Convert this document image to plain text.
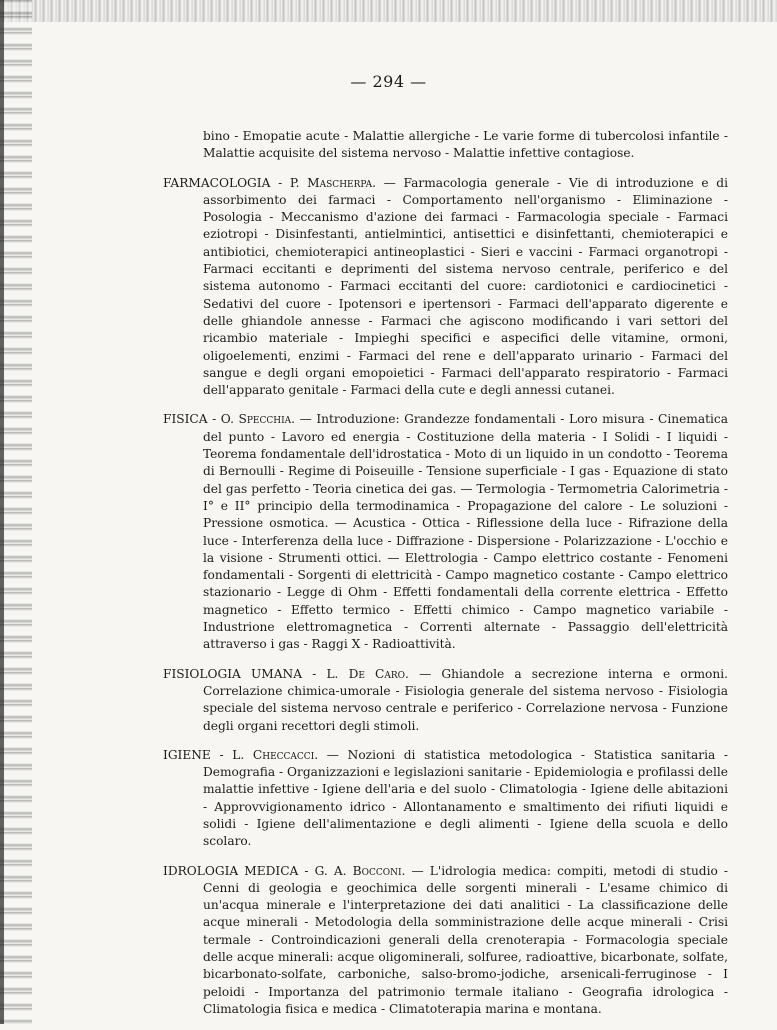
— 294 —

bino - Emopatie acute - Malattie allergiche - Le varie forme di tubercolosi infantile - Malattie acquisite del sistema nervoso - Malattie infettive contagiose.

FARMACOLOGIA - P. Mascherpa. — Farmacologia generale - Vie di introduzione e di assorbimento dei farmaci - Comportamento nell'organismo - Eliminazione - Posologia - Meccanismo d'azione dei farmaci - Farmacologia speciale - Farmaci eziotropi - Disinfestanti, antielmintici, antisettici e disinfettanti, chemioterapici e antibiotici, chemioterapici antineoplastici - Sieri e vaccini - Farmaci organotropi - Farmaci eccitanti e deprimenti del sistema nervoso centrale, periferico e del sistema autonomo - Farmaci eccitanti del cuore: cardiotonici e cardiocinetici - Sedativi del cuore - Ipotensori e ipertensori - Farmaci dell'apparato digerente e delle ghiandole annesse - Farmaci che agiscono modificando i vari settori del ricambio materiale - Impieghi specifici e aspecifici delle vitamine, ormoni, oligoelementi, enzimi - Farmaci del rene e dell'apparato urinario - Farmaci del sangue e degli organi emopoietici - Farmaci dell'apparato respiratorio - Farmaci dell'apparato genitale - Farmaci della cute e degli annessi cutanei.

FISICA - O. Specchia. — Introduzione: Grandezze fondamentali - Loro misura - Cinematica del punto - Lavoro ed energia - Costituzione della materia - I Solidi - I liquidi - Teorema fondamentale dell'idrostatica - Moto di un liquido in un condotto - Teorema di Bernoulli - Regime di Poiseuille - Tensione superficiale - I gas - Equazione di stato del gas perfetto - Teoria cinetica dei gas. — Termologia - Termometria Calorimetria - I° e II° principio della termodinamica - Propagazione del calore - Le soluzioni - Pressione osmotica. — Acustica - Ottica - Riflessione della luce - Rifrazione della luce - Interferenza della luce - Diffrazione - Dispersione - Polarizzazione - L'occhio e la visione - Strumenti ottici. — Elettrologia - Campo elettrico costante - Fenomeni fondamentali - Sorgenti di elettricità - Campo magnetico costante - Campo elettrico stazionario - Legge di Ohm - Effetti fondamentali della corrente elettrica - Effetto magnetico - Effetto termico - Effetti chimico - Campo magnetico variabile - Industrione elettromagnetica - Correnti alternate - Passaggio dell'elettricità attraverso i gas - Raggi X - Radioattività.

FISIOLOGIA UMANA - L. De Caro. — Ghiandole a secrezione interna e ormoni. Correlazione chimica-umorale - Fisiologia generale del sistema nervoso - Fisiologia speciale del sistema nervoso centrale e periferico - Correlazione nervosa - Funzione degli organi recettori degli stimoli.

IGIENE - L. Checcacci. — Nozioni di statistica metodologica - Statistica sanitaria - Demografia - Organizzazioni e legislazioni sanitarie - Epidemiologia e profilassi delle malattie infettive - Igiene dell'aria e del suolo - Climatologia - Igiene delle abitazioni - Approvvigionamento idrico - Allontanamento e smaltimento dei rifiuti liquidi e solidi - Igiene dell'alimentazione e degli alimenti - Igiene della scuola e dello scolaro.

IDROLOGIA MEDICA - G. A. Bocconi. — L'idrologia medica: compiti, metodi di studio - Cenni di geologia e geochimica delle sorgenti minerali - L'esame chimico di un'acqua minerale e l'interpretazione dei dati analitici - La classificazione delle acque minerali - Metodologia della somministrazione delle acque minerali - Crisi termale - Controindicazioni generali della crenoterapia - Formacologia speciale delle acque minerali: acque oligominerali, solfuree, radioattive, bicarbonate, solfate, bicarbonato-solfate, carboniche, salso-bromo-jodiche, arsenicali-ferruginose - I peloidi - Importanza del patrimonio termale italiano - Geografia idrologica - Climatologia fisica e medica - Climatoterapia marina e montana.
